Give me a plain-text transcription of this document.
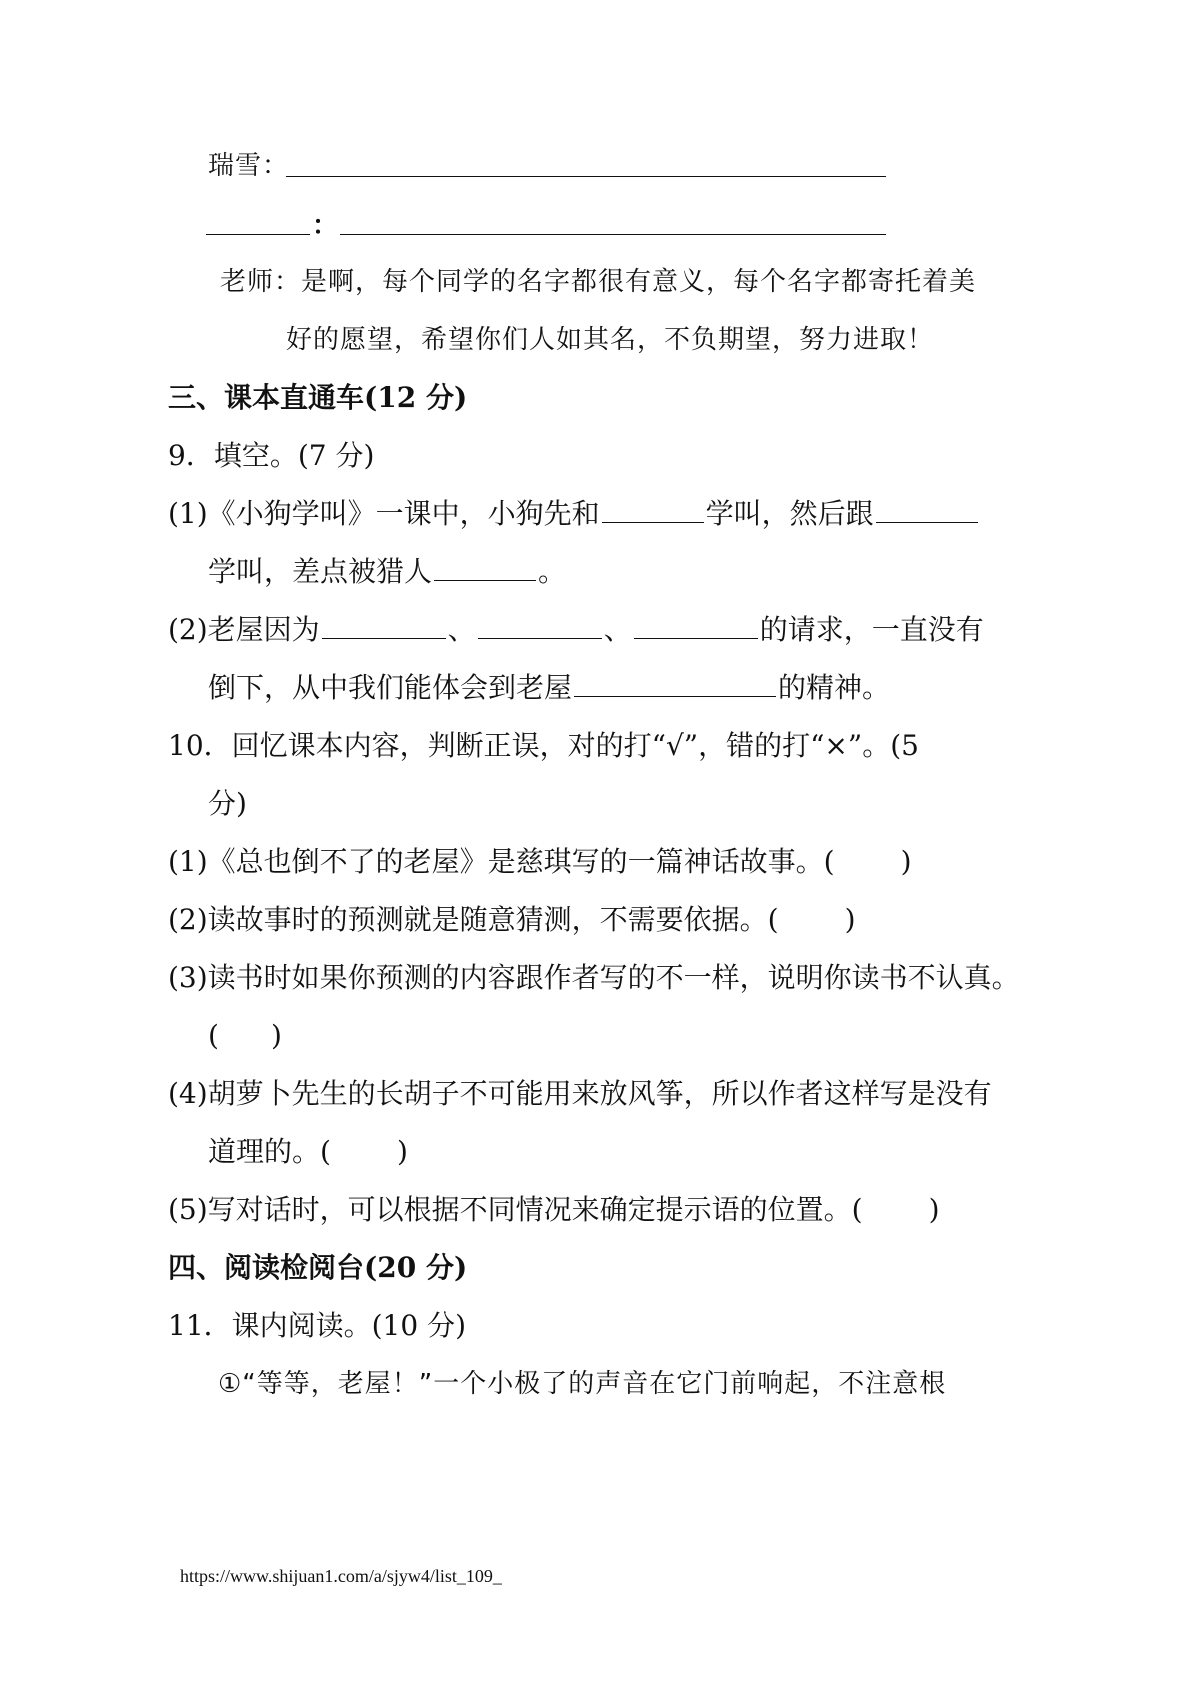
瑞雪：
：
老师：是啊，每个同学的名字都很有意义，每个名字都寄托着美
好的愿望，希望你们人如其名，不负期望，努力进取！
三、课本直通车(12 分)
9．填空。(7 分)
(1)《小狗学叫》一课中，小狗先和	学叫，然后跟
学叫，差点被猎人	。
(2)老屋因为	、	、	的请求，一直没有
倒下，从中我们能体会到老屋	的精神。
10．回忆课本内容，判断正误，对的打“√”，错的打“×”。(5
分)
(1)《总也倒不了的老屋》是慈琪写的一篇神话故事。( )
(2)读故事时的预测就是随意猜测，不需要依据。( )
(3)读书时如果你预测的内容跟作者写的不一样，说明你读书不认真。
( )
(4)胡萝卜先生的长胡子不可能用来放风筝，所以作者这样写是没有
道理的。( )
(5)写对话时，可以根据不同情况来确定提示语的位置。( )
四、阅读检阅台(20 分)
11．课内阅读。(10 分)
①“等等，老屋！”一个小极了的声音在它门前响起，不注意根
https://www.shijuan1.com/a/sjyw4/list_109_
